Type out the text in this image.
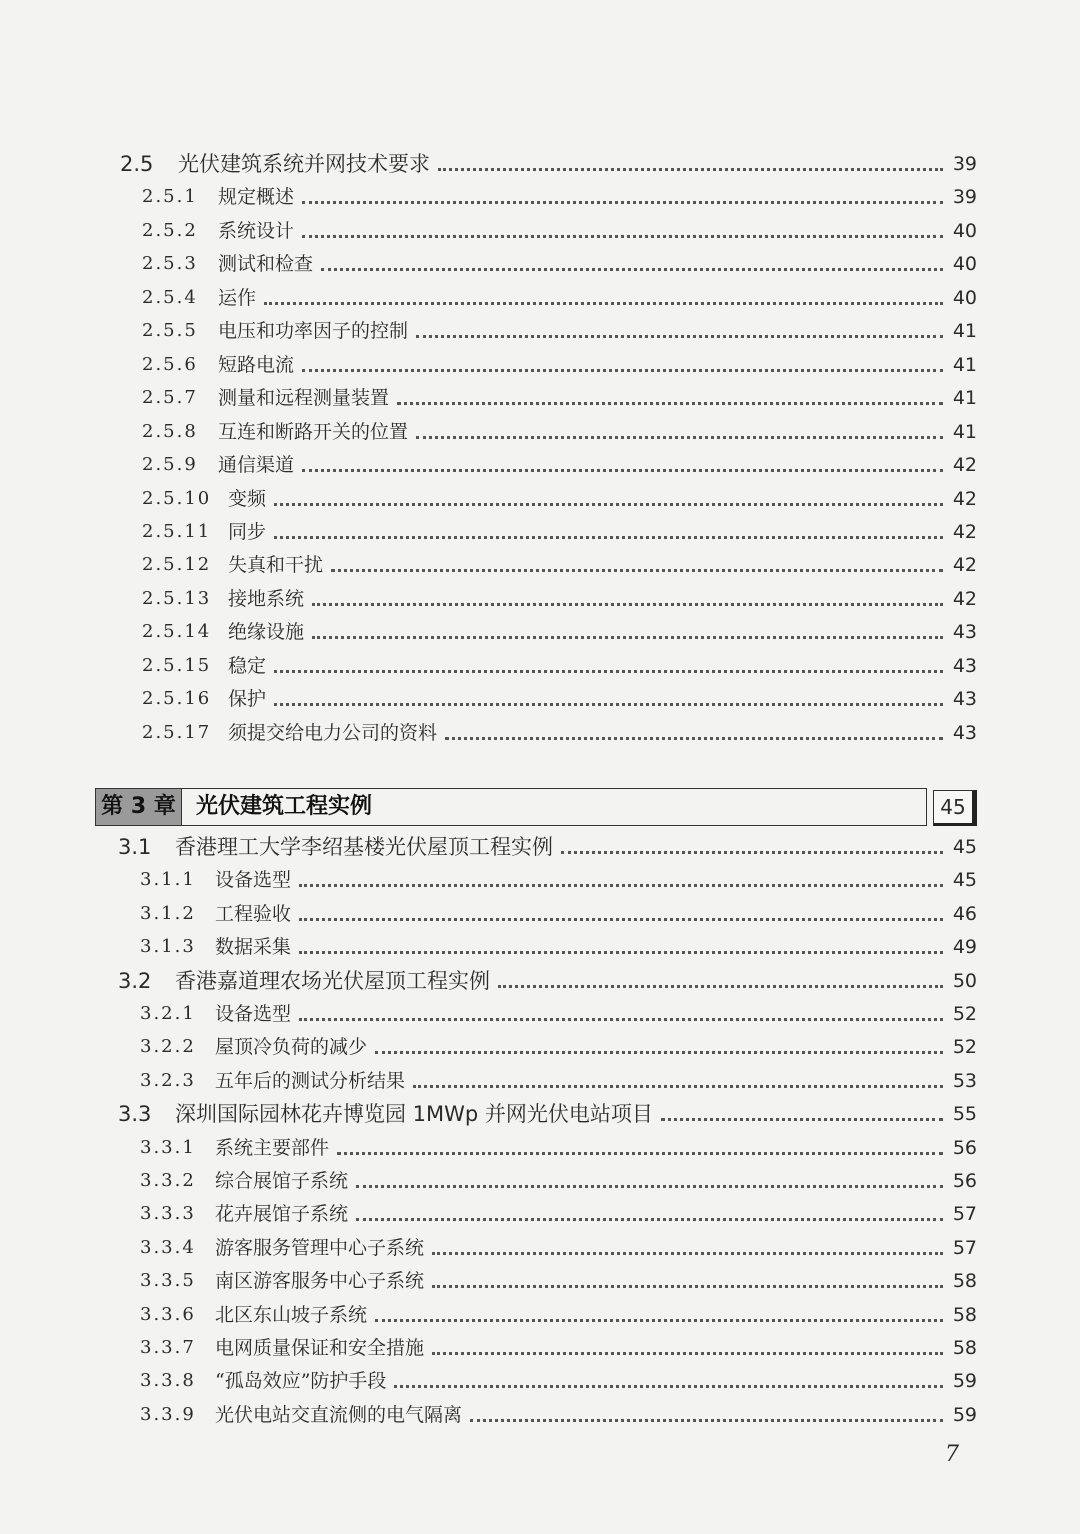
2.5 光伏建筑系统并网技术要求	39
2.5.1 规定概述	39
2.5.2 系统设计	40
2.5.3 测试和检查	40
2.5.4 运作	40
2.5.5 电压和功率因子的控制	41
2.5.6 短路电流	41
2.5.7 测量和远程测量装置	41
2.5.8 互连和断路开关的位置	41
2.5.9 通信渠道	42
2.5.10 变频	42
2.5.11 同步	42
2.5.12 失真和干扰	42
2.5.13 接地系统	42
2.5.14 绝缘设施	43
2.5.15 稳定	43
2.5.16 保护	43
2.5.17 须提交给电力公司的资料	43
第 3 章 光伏建筑工程实例	45
3.1 香港理工大学李绍基楼光伏屋顶工程实例	45
3.1.1 设备选型	45
3.1.2 工程验收	46
3.1.3 数据采集	49
3.2 香港嘉道理农场光伏屋顶工程实例	50
3.2.1 设备选型	52
3.2.2 屋顶冷负荷的减少	52
3.2.3 五年后的测试分析结果	53
3.3 深圳国际园林花卉博览园 1MWp 并网光伏电站项目	55
3.3.1 系统主要部件	56
3.3.2 综合展馆子系统	56
3.3.3 花卉展馆子系统	57
3.3.4 游客服务管理中心子系统	57
3.3.5 南区游客服务中心子系统	58
3.3.6 北区东山坡子系统	58
3.3.7 电网质量保证和安全措施	58
3.3.8 “孤岛效应”防护手段	59
3.3.9 光伏电站交直流侧的电气隔离	59
7
